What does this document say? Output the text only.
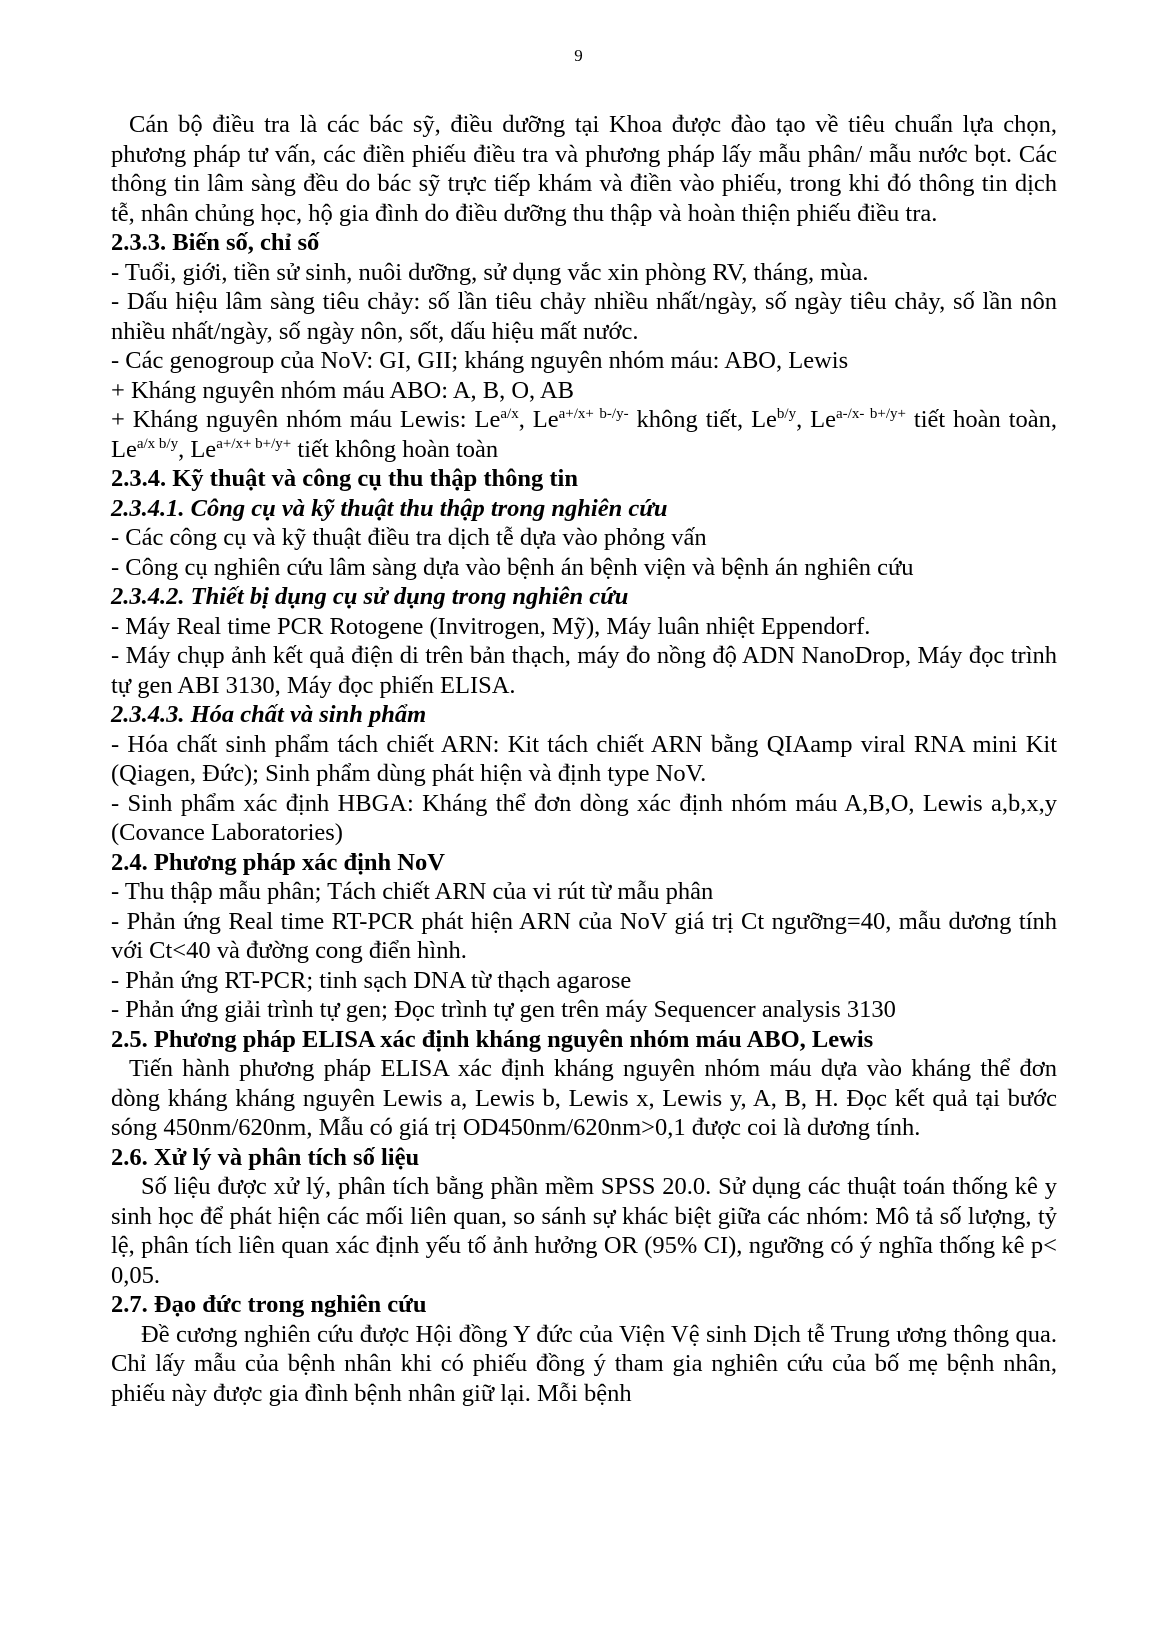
9

Cán bộ điều tra là các bác sỹ, điều dưỡng tại Khoa được đào tạo về tiêu chuẩn lựa chọn, phương pháp tư vấn, các điền phiếu điều tra và phương pháp lấy mẫu phân/ mẫu nước bọt. Các thông tin lâm sàng đều do bác sỹ trực tiếp khám và điền vào phiếu, trong khi đó thông tin dịch tễ, nhân chủng học, hộ gia đình do điều dưỡng thu thập và hoàn thiện phiếu điều tra.

2.3.3. Biến số, chỉ số

- Tuổi, giới, tiền sử sinh, nuôi dưỡng, sử dụng vắc xin phòng RV, tháng, mùa.

- Dấu hiệu lâm sàng tiêu chảy: số lần tiêu chảy nhiều nhất/ngày, số ngày tiêu chảy, số lần nôn nhiều nhất/ngày, số ngày nôn, sốt, dấu hiệu mất nước.

- Các genogroup của NoV: GI, GII; kháng nguyên nhóm máu: ABO, Lewis

+ Kháng nguyên nhóm máu ABO: A, B, O, AB

+ Kháng nguyên nhóm máu Lewis: $Le^{a/x}$, $Le^{a+/x+ b-/y-}$ không tiết, $Le^{b/y}$, $Le^{a-/x- b+/y+}$ tiết hoàn toàn, $Le^{a/x b/y}$, $Le^{a+/x+ b+/y+}$ tiết không hoàn toàn

2.3.4. Kỹ thuật và công cụ thu thập thông tin

2.3.4.1. Công cụ và kỹ thuật thu thập trong nghiên cứu

- Các công cụ và kỹ thuật điều tra dịch tễ dựa vào phỏng vấn

- Công cụ nghiên cứu lâm sàng dựa vào bệnh án bệnh viện và bệnh án nghiên cứu

2.3.4.2. Thiết bị dụng cụ sử dụng trong nghiên cứu

- Máy Real time PCR Rotogene (Invitrogen, Mỹ), Máy luân nhiệt Eppendorf.

- Máy chụp ảnh kết quả điện di trên bản thạch, máy đo nồng độ ADN NanoDrop, Máy đọc trình tự gen ABI 3130, Máy đọc phiến ELISA.

2.3.4.3. Hóa chất và sinh phẩm

- Hóa chất sinh phẩm tách chiết ARN: Kit tách chiết ARN bằng QIAamp viral RNA mini Kit (Qiagen, Đức); Sinh phẩm dùng phát hiện và định type NoV.

- Sinh phẩm xác định HBGA: Kháng thể đơn dòng xác định nhóm máu A,B,O, Lewis a,b,x,y (Covance Laboratories)

2.4. Phương pháp xác định NoV

- Thu thập mẫu phân; Tách chiết ARN của vi rút từ mẫu phân

- Phản ứng Real time RT-PCR phát hiện ARN của NoV giá trị Ct ngưỡng=40, mẫu dương tính với Ct<40 và đường cong điển hình.

- Phản ứng RT-PCR; tinh sạch DNA từ thạch agarose

- Phản ứng giải trình tự gen; Đọc trình tự gen trên máy Sequencer analysis 3130

2.5. Phương pháp ELISA xác định kháng nguyên nhóm máu ABO, Lewis

Tiến hành phương pháp ELISA xác định kháng nguyên nhóm máu dựa vào kháng thể đơn dòng kháng kháng nguyên Lewis a, Lewis b, Lewis x, Lewis y, A, B, H. Đọc kết quả tại bước sóng 450nm/620nm, Mẫu có giá trị OD450nm/620nm>0,1 được coi là dương tính.

2.6. Xử lý và phân tích số liệu

Số liệu được xử lý, phân tích bằng phần mềm SPSS 20.0. Sử dụng các thuật toán thống kê y sinh học để phát hiện các mối liên quan, so sánh sự khác biệt giữa các nhóm: Mô tả số lượng, tỷ lệ, phân tích liên quan xác định yếu tố ảnh hưởng OR (95% CI), ngưỡng có ý nghĩa thống kê p< 0,05.

2.7. Đạo đức trong nghiên cứu

Đề cương nghiên cứu được Hội đồng Y đức của Viện Vệ sinh Dịch tễ Trung ương thông qua. Chỉ lấy mẫu của bệnh nhân khi có phiếu đồng ý tham gia nghiên cứu của bố mẹ bệnh nhân, phiếu này được gia đình bệnh nhân giữ lại. Mỗi bệnh
